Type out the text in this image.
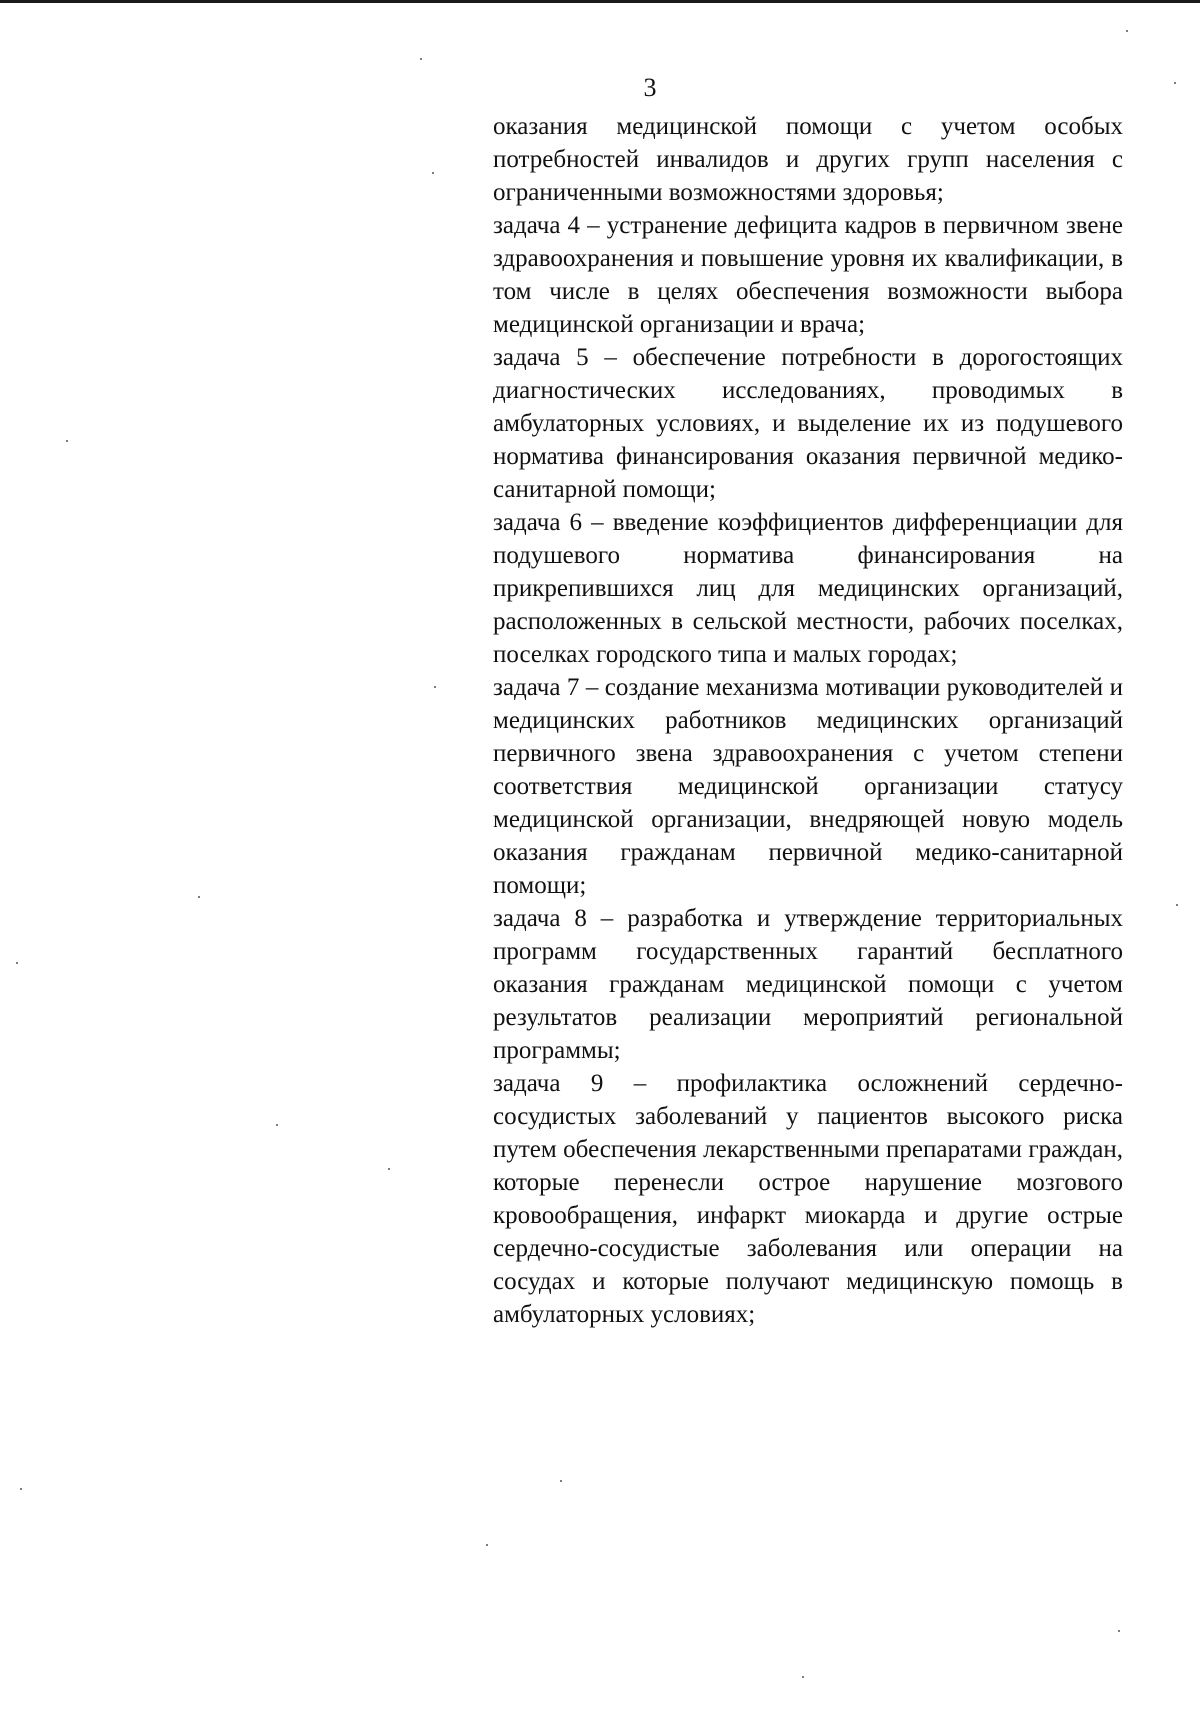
3

оказания медицинской помощи с учетом особых потребностей инвалидов и других групп населения с ограниченными возможностями здоровья;

задача 4 – устранение дефицита кадров в первичном звене здравоохранения и повышение уровня их квалификации, в том числе в целях обеспечения возможности выбора медицинской организации и врача;

задача 5 – обеспечение потребности в дорогостоящих диагностических исследованиях, проводимых в амбулаторных условиях, и выделение их из подушевого норматива финансирования оказания первичной медико-санитарной помощи;

задача 6 – введение коэффициентов дифференциации для подушевого норматива финансирования на прикрепившихся лиц для медицинских организаций, расположенных в сельской местности, рабочих поселках, поселках городского типа и малых городах;

задача 7 – создание механизма мотивации руководителей и медицинских работников медицинских организаций первичного звена здравоохранения с учетом степени соответствия медицинской организации статусу медицинской организации, внедряющей новую модель оказания гражданам первичной медико-санитарной помощи;

задача 8 – разработка и утверждение территориальных программ государственных гарантий бесплатного оказания гражданам медицинской помощи с учетом результатов реализации мероприятий региональной программы;

задача 9 – профилактика осложнений сердечно-сосудистых заболеваний у пациентов высокого риска путем обеспечения лекарственными препаратами граждан, которые перенесли острое нарушение мозгового кровообращения, инфаркт миокарда и другие острые сердечно-сосудистые заболевания или операции на сосудах и которые получают медицинскую помощь в амбулаторных условиях;
